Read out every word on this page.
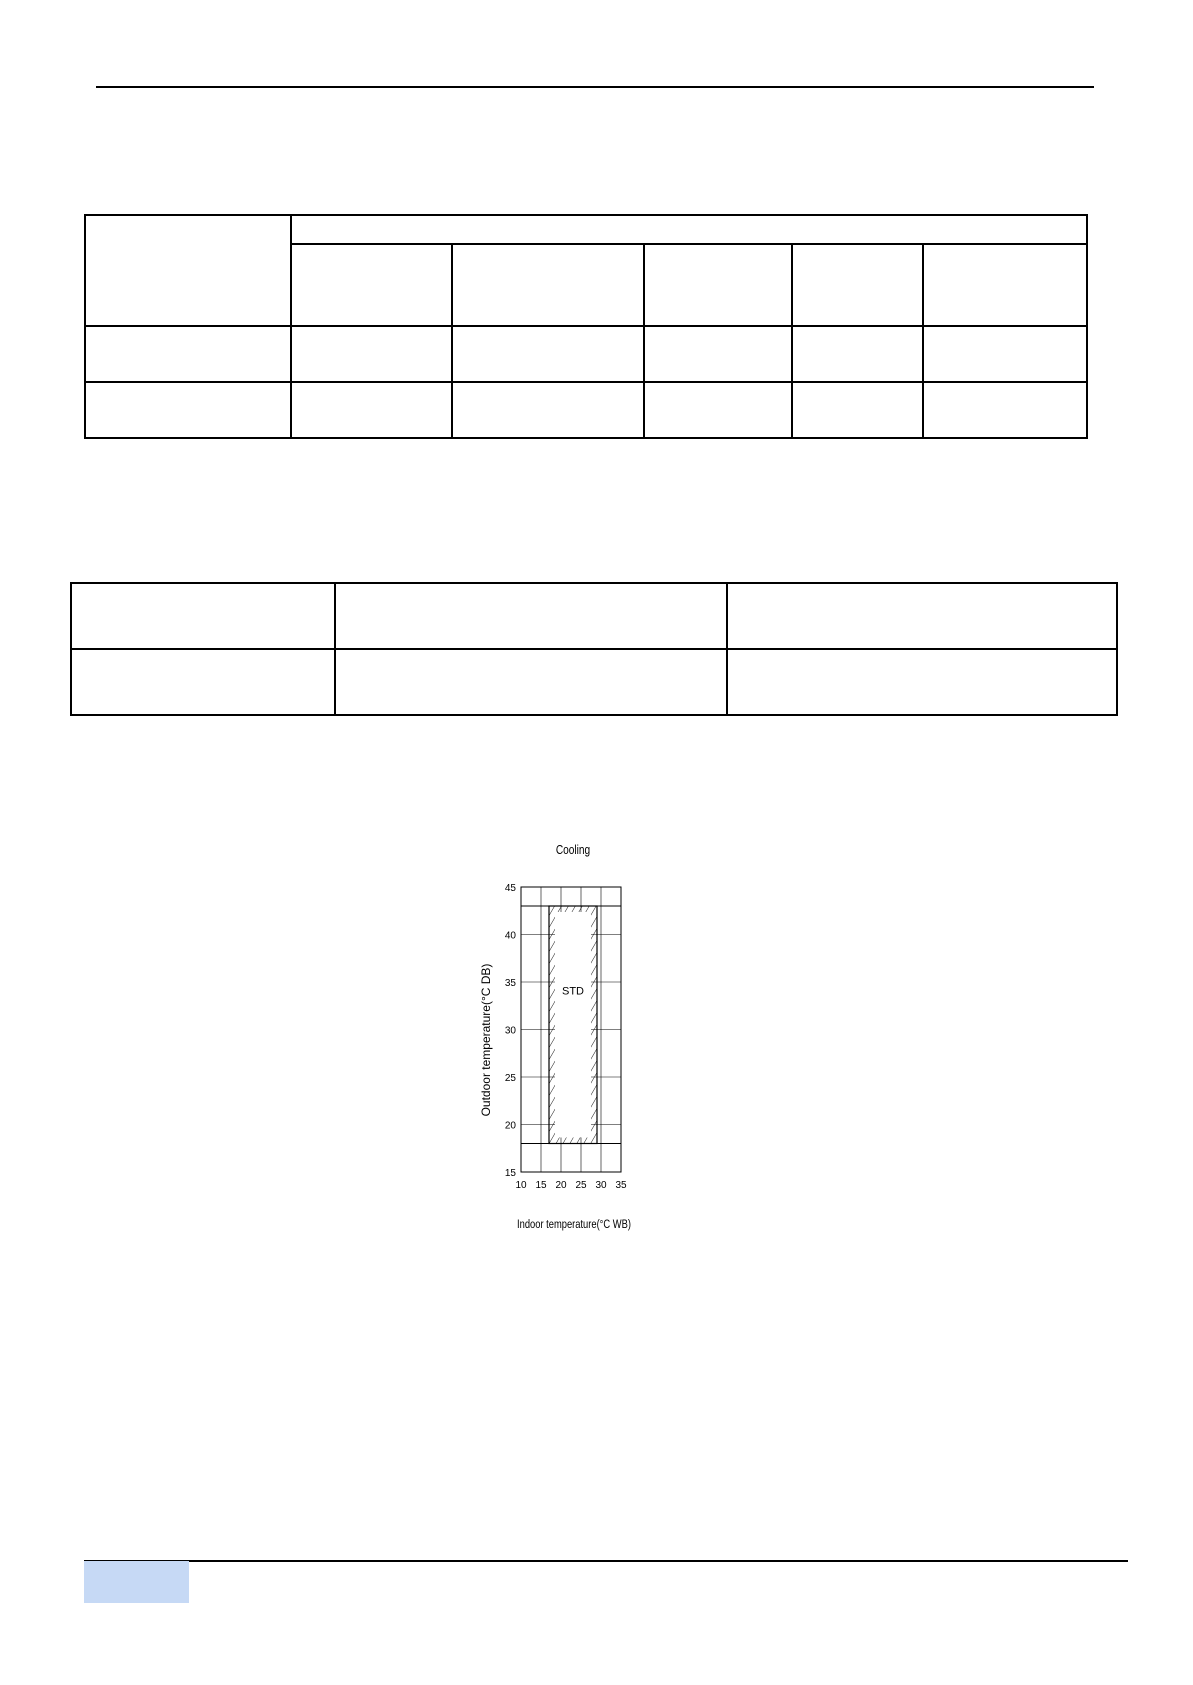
Cooling
STD
10 15 20 25 30 35
15
20
25
30
35
40
45
Indoor temperature(°C WB)
Outdoor temperature(°C DB)
